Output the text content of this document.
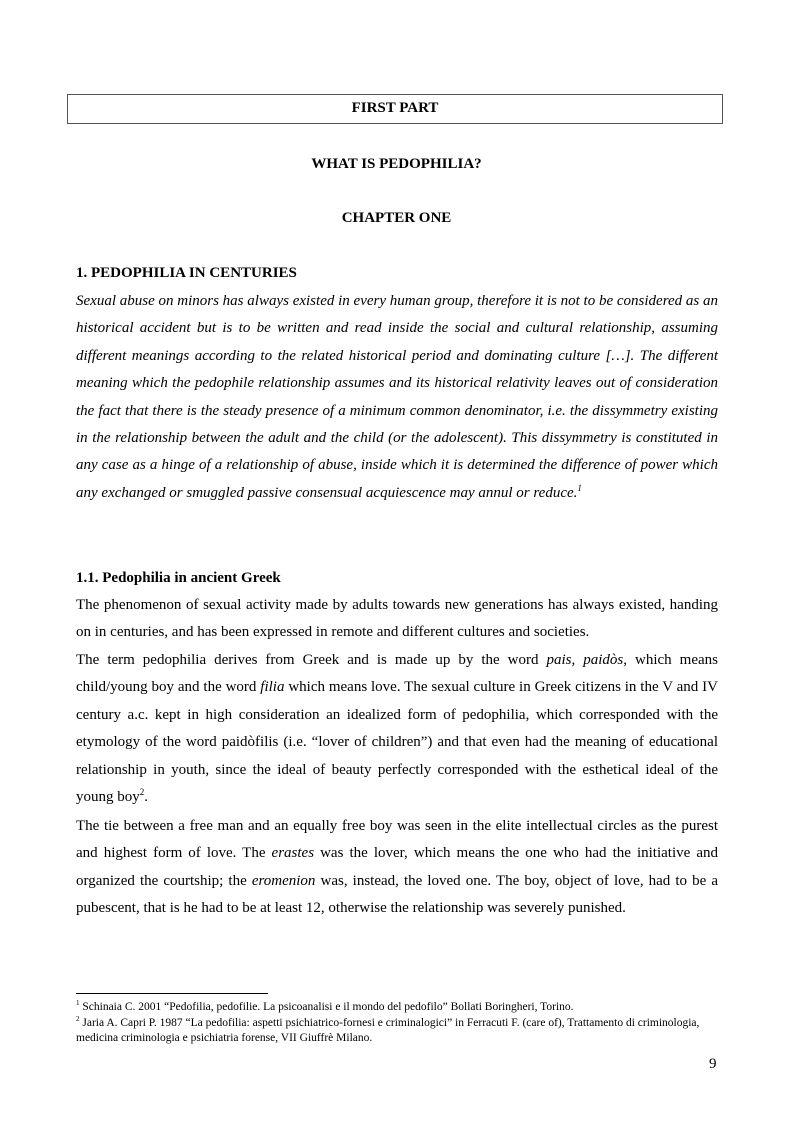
FIRST PART
WHAT IS PEDOPHILIA?
CHAPTER ONE
1. PEDOPHILIA IN CENTURIES

Sexual abuse on minors has always existed in every human group, therefore it is not to be considered as an historical accident but is to be written and read inside the social and cultural relationship, assuming different meanings according to the related historical period and dominating culture […]. The different meaning which the pedophile relationship assumes and its historical relativity leaves out of consideration the fact that there is the steady presence of a minimum common denominator, i.e. the dissymmetry existing in the relationship between the adult and the child (or the adolescent). This dissymmetry is constituted in any case as a hinge of a relationship of abuse, inside which it is determined the difference of power which any exchanged or smuggled passive consensual acquiescence may annul or reduce.$^1$

1.1. Pedophilia in ancient Greek

The phenomenon of sexual activity made by adults towards new generations has always existed, handing on in centuries, and has been expressed in remote and different cultures and societies.

The term pedophilia derives from Greek and is made up by the word pais, paidòs, which means child/young boy and the word filia which means love. The sexual culture in Greek citizens in the V and IV century a.c. kept in high consideration an idealized form of pedophilia, which corresponded with the etymology of the word paidòfilis (i.e. “lover of children”) and that even had the meaning of educational relationship in youth, since the ideal of beauty perfectly corresponded with the esthetical ideal of the young boy$^2$.

The tie between a free man and an equally free boy was seen in the elite intellectual circles as the purest and highest form of love. The erastes was the lover, which means the one who had the initiative and organized the courtship; the eromenion was, instead, the loved one. The boy, object of love, had to be a pubescent, that is he had to be at least 12, otherwise the relationship was severely punished.

$^1$ Schinaia C. 2001 “Pedofilia, pedofilie. La psicoanalisi e il mondo del pedofilo” Bollati Boringheri, Torino.

$^2$ Jaria A. Capri P. 1987 “La pedofilia: aspetti psichiatrico-fornesi e criminalogici” in Ferracuti F. (care of), Trattamento di criminologia, medicina criminologia e psichiatria forense, VII Giuffrè Milano.

9
